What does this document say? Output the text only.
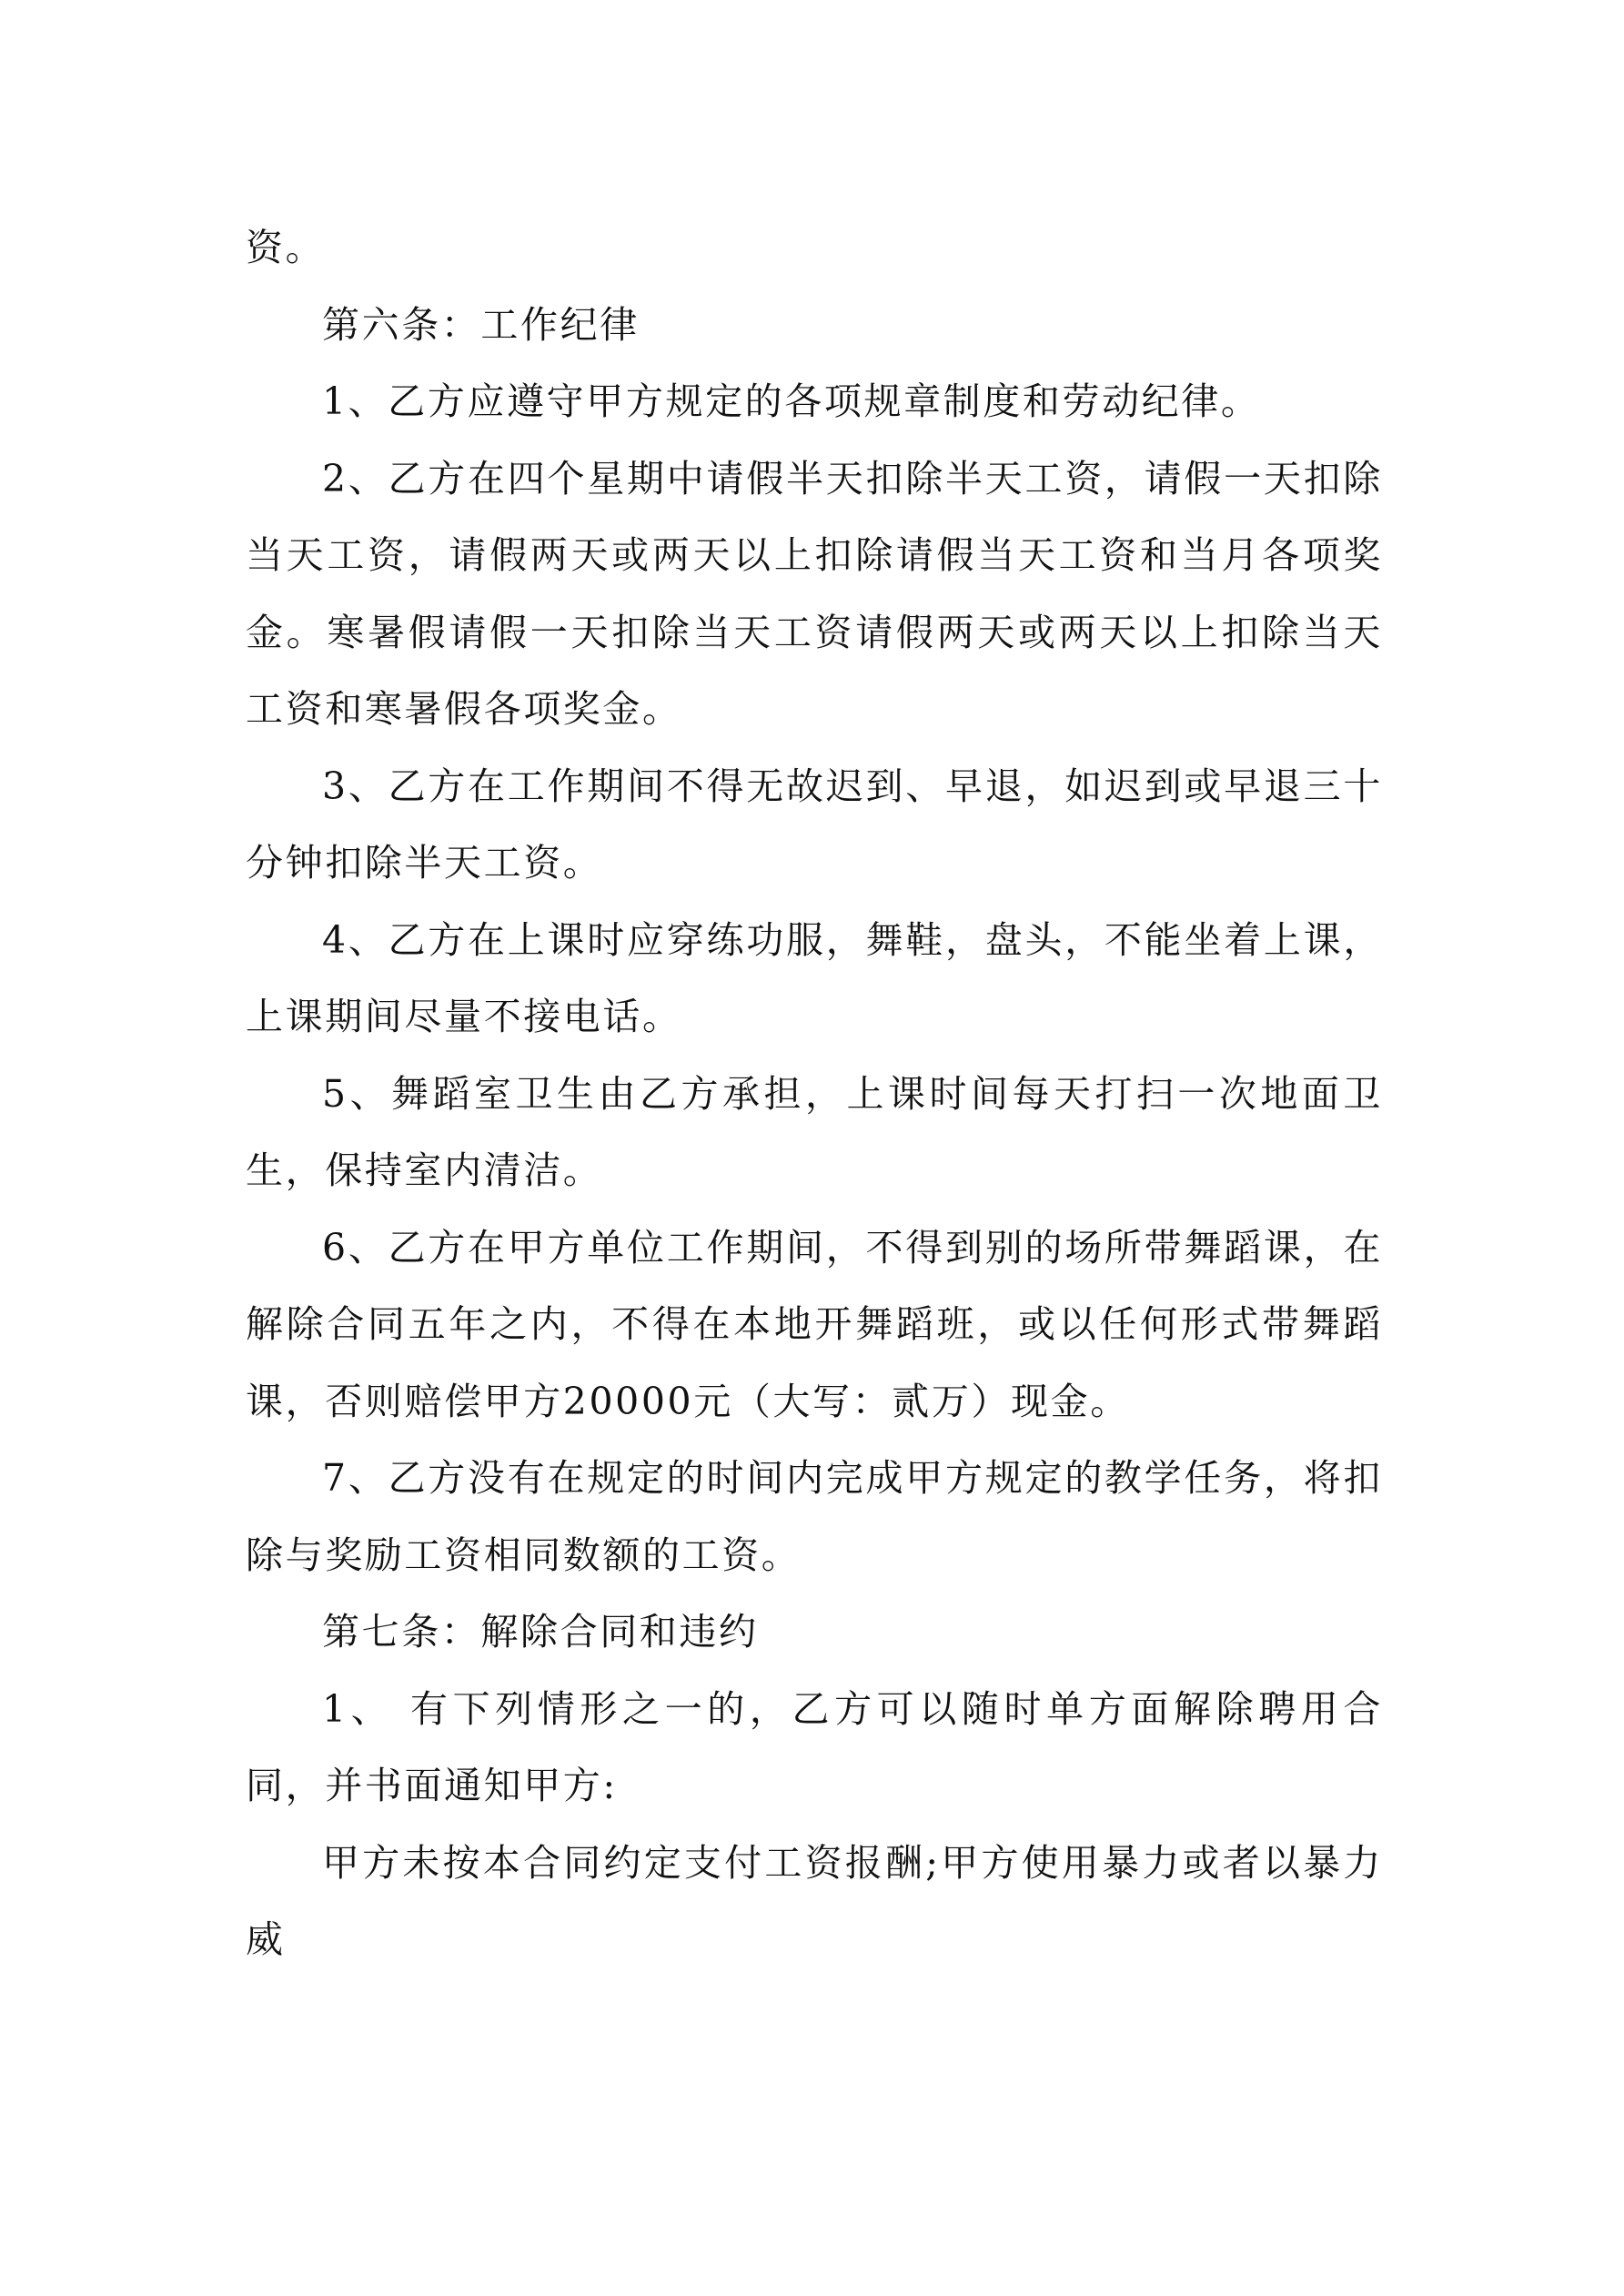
资。

第六条：工作纪律

1、乙方应遵守甲方规定的各项规章制度和劳动纪律。

2、乙方在四个星期中请假半天扣除半天工资，请假一天扣除当天工资，请假两天或两天以上扣除请假当天工资和当月各项奖金。寒暑假请假一天扣除当天工资请假两天或两天以上扣除当天工资和寒暑假各项奖金。

3、乙方在工作期间不得无故迟到、早退，如迟到或早退三十分钟扣除半天工资。

4、乙方在上课时应穿练功服，舞鞋，盘头，不能坐着上课，上课期间尽量不接电话。

5、舞蹈室卫生由乙方承担，上课时间每天打扫一次地面卫生，保持室内清洁。

6、乙方在甲方单位工作期间，不得到别的场所带舞蹈课，在解除合同五年之内，不得在本地开舞蹈班，或以任何形式带舞蹈课，否则赔偿甲方20000元（大写：贰万）现金。

7、乙方没有在规定的时间内完成甲方规定的教学任务，将扣除与奖励工资相同数额的工资。

第七条：解除合同和违约

1、 有下列情形之一的，乙方可以随时单方面解除聘用合同，并书面通知甲方:

甲方未按本合同约定支付工资报酬;甲方使用暴力或者以暴力威
